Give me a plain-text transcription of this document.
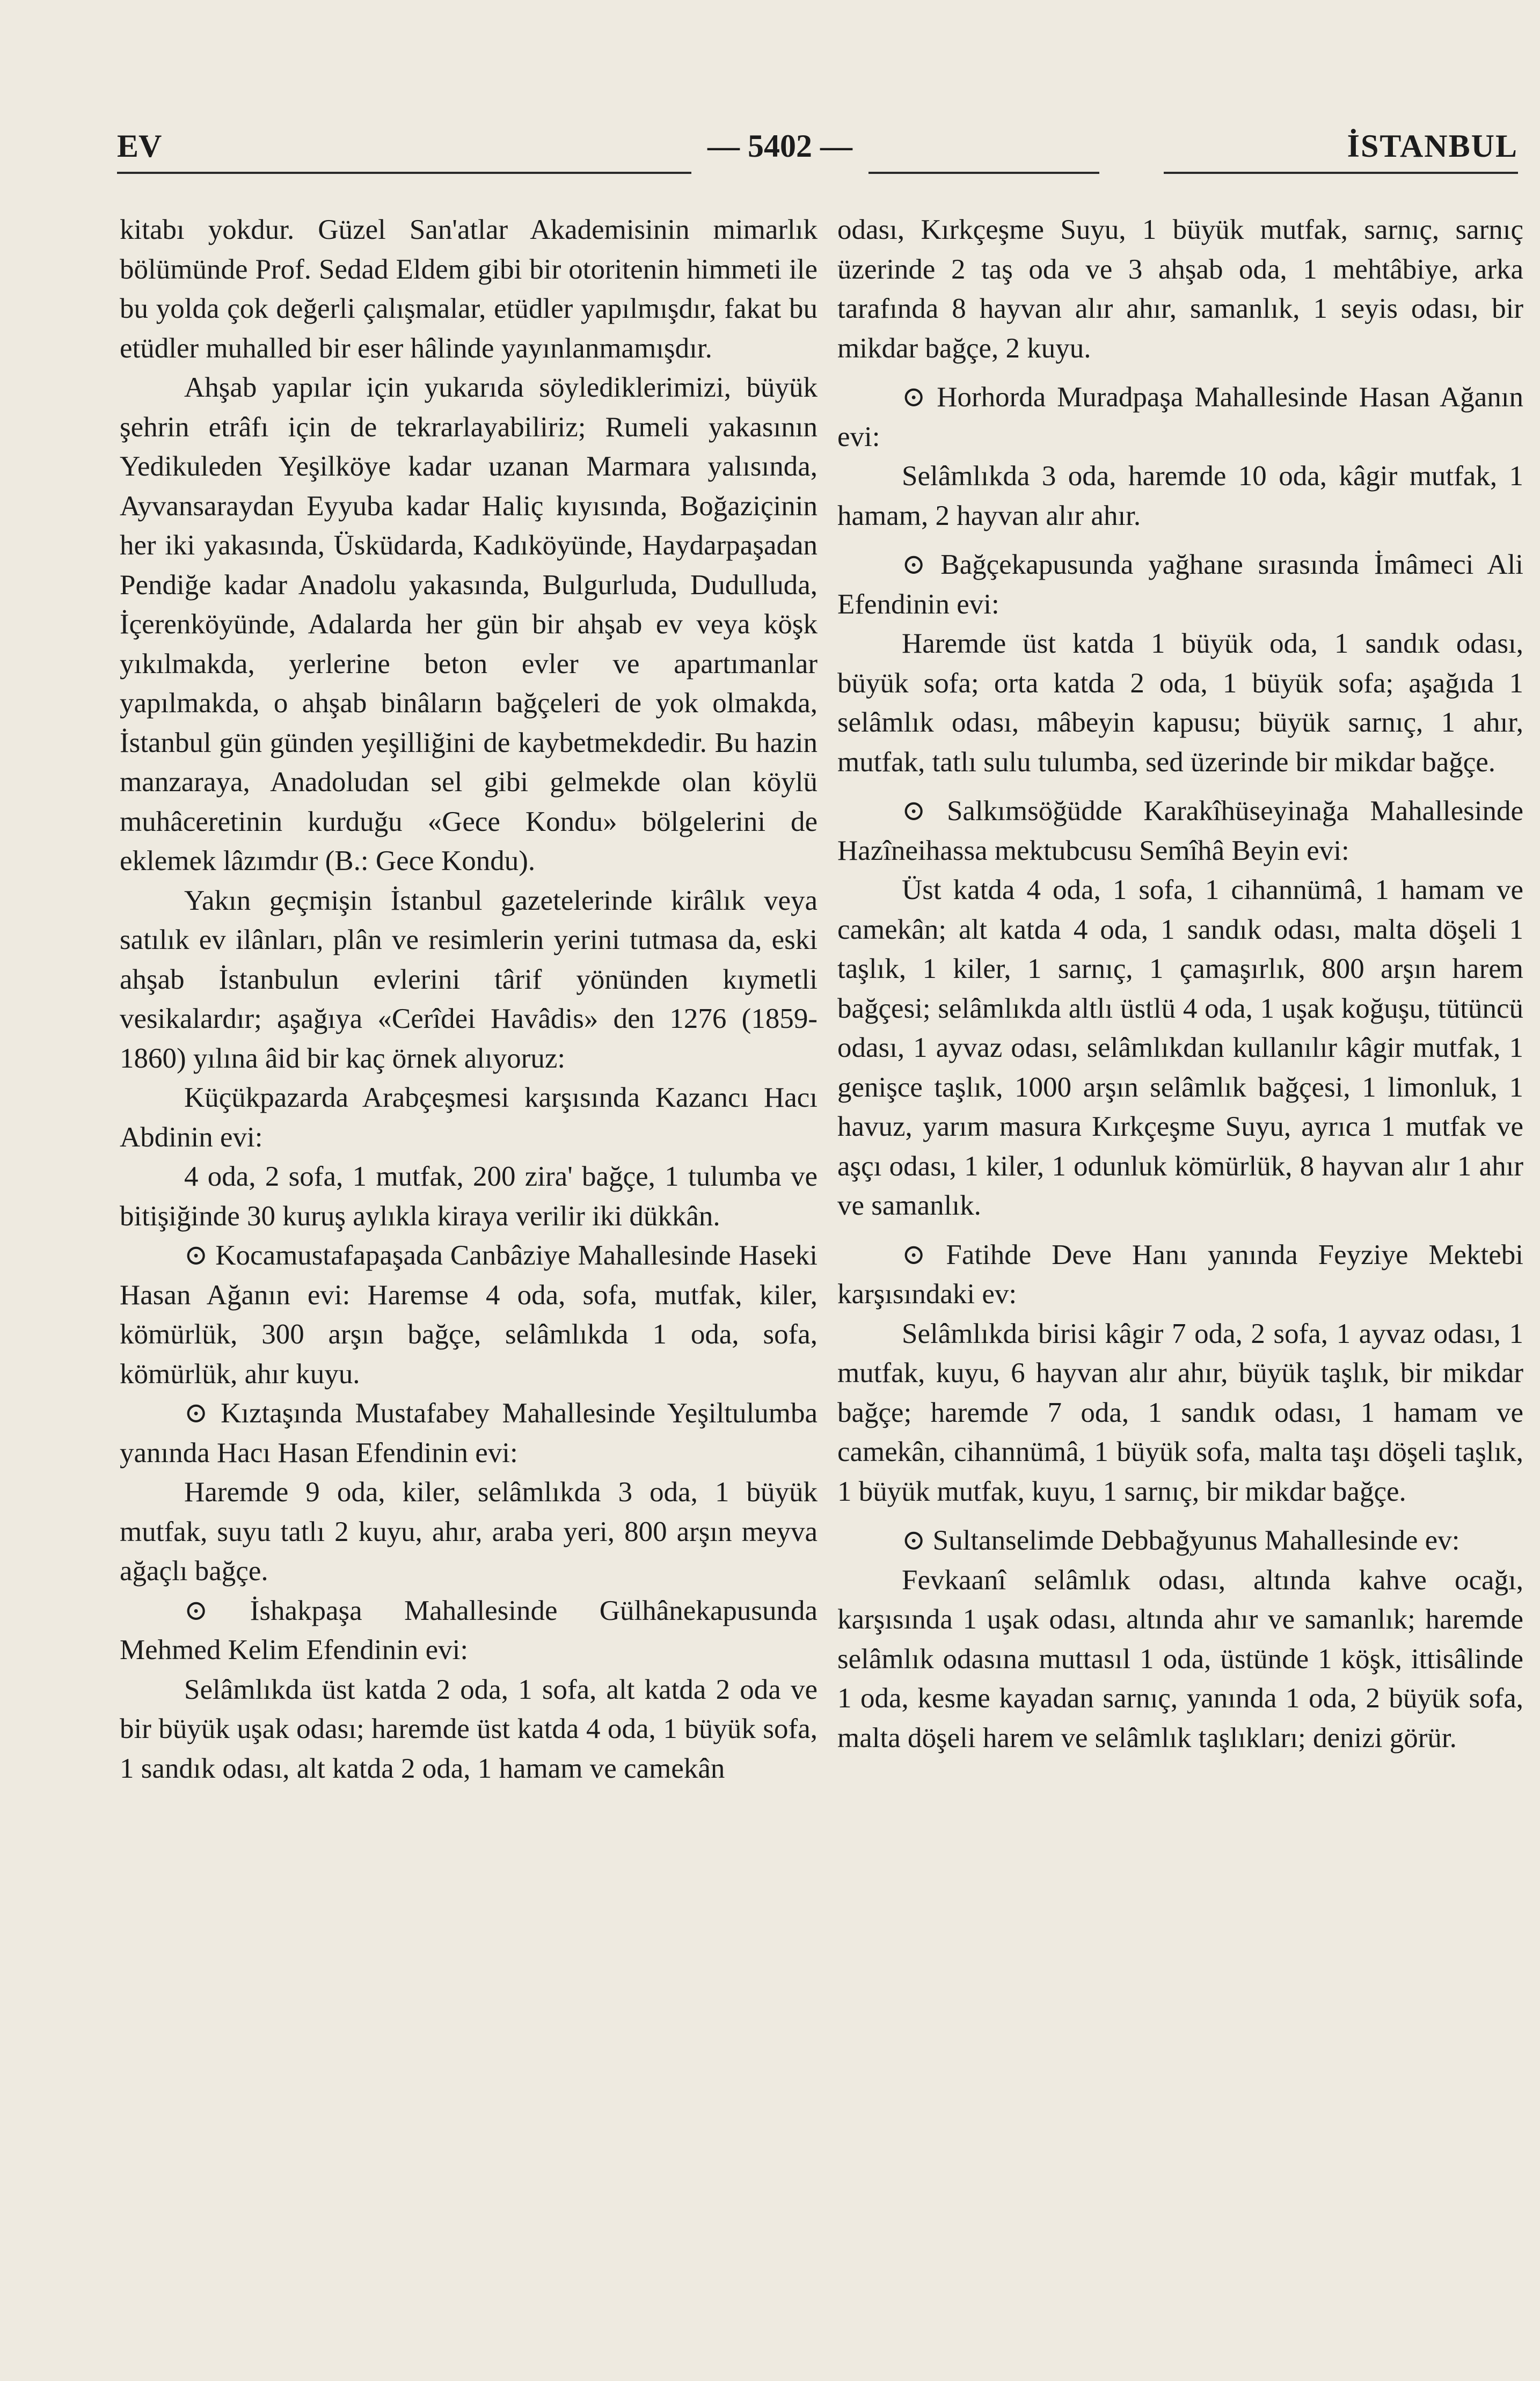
EV	— 5402 —	İSTANBUL

kitabı yokdur. Güzel San'atlar Akademisinin mimarlık bölümünde Prof. Sedad Eldem gibi bir otoritenin himmeti ile bu yolda çok değerli çalışmalar, etüdler yapılmışdır, fakat bu etüdler muhalled bir eser hâlinde yayınlanmamışdır.

Ahşab yapılar için yukarıda söylediklerimizi, büyük şehrin etrâfı için de tekrarlayabiliriz; Rumeli yakasının Yedikuleden Yeşilköye kadar uzanan Marmara yalısında, Ayvansaraydan Eyyuba kadar Haliç kıyısında, Boğaziçinin her iki yakasında, Üsküdarda, Kadıköyünde, Haydarpaşadan Pendiğe kadar Anadolu yakasında, Bulgurluda, Dudulluda, İçerenköyünde, Adalarda her gün bir ahşab ev veya köşk yıkılmakda, yerlerine beton evler ve apartımanlar yapılmakda, o ahşab binâların bağçeleri de yok olmakda, İstanbul gün günden yeşilliğini de kaybetmekdedir. Bu hazin manzaraya, Anadoludan sel gibi gelmekde olan köylü muhâceretinin kurduğu «Gece Kondu» bölgelerini de eklemek lâzımdır (B.: Gece Kondu).

Yakın geçmişin İstanbul gazetelerinde kirâlık veya satılık ev ilânları, plân ve resimlerin yerini tutmasa da, eski ahşab İstanbulun evlerini târif yönünden kıymetli vesikalardır; aşağıya «Cerîdei Havâdis» den 1276 (1859-1860) yılına âid bir kaç örnek alıyoruz:

Küçükpazarda Arabçeşmesi karşısında Kazancı Hacı Abdinin evi:

4 oda, 2 sofa, 1 mutfak, 200 zira' bağçe, 1 tulumba ve bitişiğinde 30 kuruş aylıkla kiraya verilir iki dükkân.

⊙ Kocamustafapaşada Canbâziye Mahallesinde Haseki Hasan Ağanın evi: Haremse 4 oda, sofa, mutfak, kiler, kömürlük, 300 arşın bağçe, selâmlıkda 1 oda, sofa, kömürlük, ahır kuyu.

⊙ Kıztaşında Mustafabey Mahallesinde Yeşiltulumba yanında Hacı Hasan Efendinin evi:

Haremde 9 oda, kiler, selâmlıkda 3 oda, 1 büyük mutfak, suyu tatlı 2 kuyu, ahır, araba yeri, 800 arşın meyva ağaçlı bağçe.

⊙ İshakpaşa Mahallesinde Gülhânekapusunda Mehmed Kelim Efendinin evi:

Selâmlıkda üst katda 2 oda, 1 sofa, alt katda 2 oda ve bir büyük uşak odası; haremde üst katda 4 oda, 1 büyük sofa, 1 sandık odası, alt katda 2 oda, 1 hamam ve camekân

odası, Kırkçeşme Suyu, 1 büyük mutfak, sarnıç, sarnıç üzerinde 2 taş oda ve 3 ahşab oda, 1 mehtâbiye, arka tarafında 8 hayvan alır ahır, samanlık, 1 seyis odası, bir mikdar bağçe, 2 kuyu.

⊙ Horhorda Muradpaşa Mahallesinde Hasan Ağanın evi:

Selâmlıkda 3 oda, haremde 10 oda, kâgir mutfak, 1 hamam, 2 hayvan alır ahır.

⊙ Bağçekapusunda yağhane sırasında İmâmeci Ali Efendinin evi:

Haremde üst katda 1 büyük oda, 1 sandık odası, büyük sofa; orta katda 2 oda, 1 büyük sofa; aşağıda 1 selâmlık odası, mâbeyin kapusu; büyük sarnıç, 1 ahır, mutfak, tatlı sulu tulumba, sed üzerinde bir mikdar bağçe.

⊙ Salkımsöğüdde Karakîhüseyinağa Mahallesinde Hazîneihassa mektubcusu Semîhâ Beyin evi:

Üst katda 4 oda, 1 sofa, 1 cihannümâ, 1 hamam ve camekân; alt katda 4 oda, 1 sandık odası, malta döşeli 1 taşlık, 1 kiler, 1 sarnıç, 1 çamaşırlık, 800 arşın harem bağçesi; selâmlıkda altlı üstlü 4 oda, 1 uşak koğuşu, tütüncü odası, 1 ayvaz odası, selâmlıkdan kullanılır kâgir mutfak, 1 genişce taşlık, 1000 arşın selâmlık bağçesi, 1 limonluk, 1 havuz, yarım masura Kırkçeşme Suyu, ayrıca 1 mutfak ve aşçı odası, 1 kiler, 1 odunluk kömürlük, 8 hayvan alır 1 ahır ve samanlık.

⊙ Fatihde Deve Hanı yanında Feyziye Mektebi karşısındaki ev:

Selâmlıkda birisi kâgir 7 oda, 2 sofa, 1 ayvaz odası, 1 mutfak, kuyu, 6 hayvan alır ahır, büyük taşlık, bir mikdar bağçe; haremde 7 oda, 1 sandık odası, 1 hamam ve camekân, cihannümâ, 1 büyük sofa, malta taşı döşeli taşlık, 1 büyük mutfak, kuyu, 1 sarnıç, bir mikdar bağçe.

⊙ Sultanselimde Debbağyunus Mahallesinde ev:

Fevkaanî selâmlık odası, altında kahve ocağı, karşısında 1 uşak odası, altında ahır ve samanlık; haremde selâmlık odasına muttasıl 1 oda, üstünde 1 köşk, ittisâlinde 1 oda, kesme kayadan sarnıç, yanında 1 oda, 2 büyük sofa, malta döşeli harem ve selâmlık taşlıkları; denizi görür.
